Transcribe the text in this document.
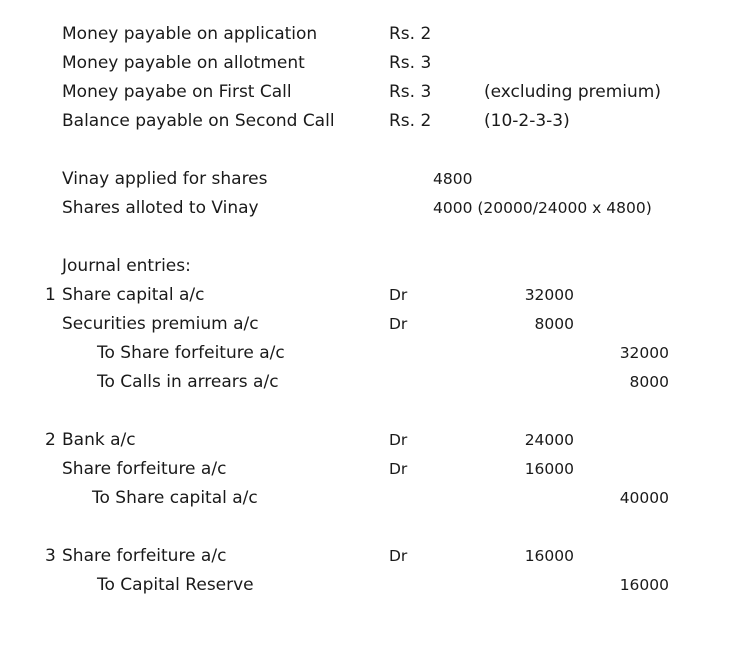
Money payable on application	Rs. 2
Money payable on allotment	Rs. 3
Money payabe on First Call	Rs. 3	(excluding premium)
Balance payable on Second Call	Rs. 2	(10-2-3-3)
Vinay applied for shares	4800
Shares alloted to Vinay	4000 (20000/24000 x 4800)
Journal entries:
1 Share capital a/c	Dr	32000
Securities premium a/c	Dr	8000
To Share forfeiture a/c	32000
To Calls in arrears a/c	8000
2 Bank a/c	Dr	24000
Share forfeiture a/c	Dr	16000
To Share capital a/c	40000
3 Share forfeiture a/c	Dr	16000
To Capital Reserve	16000
